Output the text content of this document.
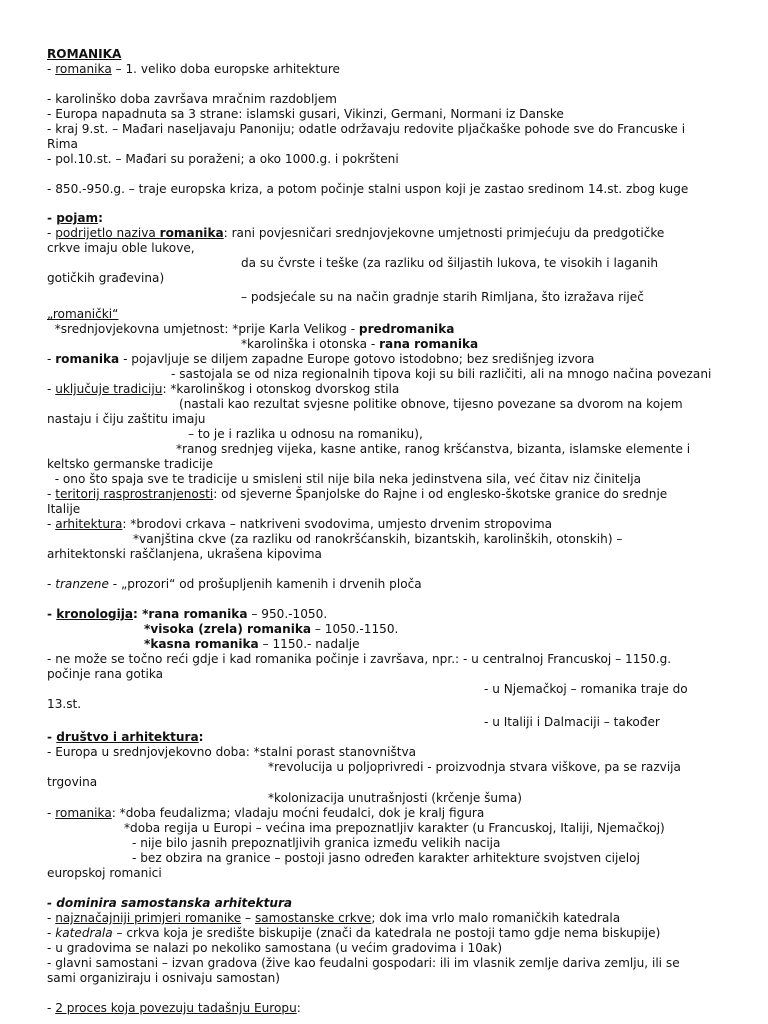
ROMANIKA
- romanika – 1. veliko doba europske arhitekture
- karolinško doba završava mračnim razdobljem
- Europa napadnuta sa 3 strane: islamski gusari, Vikinzi, Germani, Normani iz Danske
- kraj 9.st. – Mađari naseljavaju Panoniju; odatle održavaju redovite pljačkaške pohode sve do Francuske i
Rima
- pol.10.st. – Mađari su poraženi; a oko 1000.g. i pokršteni
- 850.-950.g. – traje europska kriza, a potom počinje stalni uspon koji je zastao sredinom 14.st. zbog kuge
- pojam:
- podrijetlo naziva romanika: rani povjesničari srednjovjekovne umjetnosti primjećuju da predgotičke
crkve imaju oble lukove,
da su čvrste i teške (za razliku od šiljastih lukova, te visokih i laganih
gotičkih građevina)
– podsjećale su na način gradnje starih Rimljana, što izražava riječ
„romanički“
*srednjovjekovna umjetnost: *prije Karla Velikog - predromanika
*karolinška i otonska - rana romanika
- romanika - pojavljuje se diljem zapadne Europe gotovo istodobno; bez središnjeg izvora
- sastojala se od niza regionalnih tipova koji su bili različiti, ali na mnogo načina povezani
- uključuje tradiciju: *karolinškog i otonskog dvorskog stila
(nastali kao rezultat svjesne politike obnove, tijesno povezane sa dvorom na kojem
nastaju i čiju zaštitu imaju
– to je i razlika u odnosu na romaniku),
*ranog srednjeg vijeka, kasne antike, ranog kršćanstva, bizanta, islamske elemente i
keltsko germanske tradicije
- ono što spaja sve te tradicije u smisleni stil nije bila neka jedinstvena sila, već čitav niz činitelja
- teritorij rasprostranjenosti: od sjeverne Španjolske do Rajne i od englesko-škotske granice do srednje
Italije
- arhitektura: *brodovi crkava – natkriveni svodovima, umjesto drvenim stropovima
*vanjština ckve (za razliku od ranokršćanskih, bizantskih, karolinških, otonskih) –
arhitektonski raščlanjena, ukrašena kipovima
- tranzene - „prozori“ od prošupljenih kamenih i drvenih ploča
- kronologija: *rana romanika – 950.-1050.
*visoka (zrela) romanika – 1050.-1150.
*kasna romanika – 1150.- nadalje
- ne može se točno reći gdje i kad romanika počinje i završava, npr.: - u centralnoj Francuskoj – 1150.g.
počinje rana gotika
- u Njemačkoj – romanika traje do
13.st.
- u Italiji i Dalmaciji – također
- društvo i arhitektura:
- Europa u srednjovjekovno doba: *stalni porast stanovništva
*revolucija u poljoprivredi - proizvodnja stvara viškove, pa se razvija
trgovina
*kolonizacija unutrašnjosti (krčenje šuma)
- romanika: *doba feudalizma; vladaju moćni feudalci, dok je kralj figura
*doba regija u Europi – većina ima prepoznatljiv karakter (u Francuskoj, Italiji, Njemačkoj)
- nije bilo jasnih prepoznatljivih granica između velikih nacija
- bez obzira na granice – postoji jasno određen karakter arhitekture svojstven cijeloj
europskoj romanici
- dominira samostanska arhitektura
- najznačajniji primjeri romanike – samostanske crkve; dok ima vrlo malo romaničkih katedrala
- katedrala – crkva koja je središte biskupije (znači da katedrala ne postoji tamo gdje nema biskupije)
- u gradovima se nalazi po nekoliko samostana (u većim gradovima i 10ak)
- glavni samostani – izvan gradova (žive kao feudalni gospodari: ili im vlasnik zemlje dariva zemlju, ili se
sami organiziraju i osnivaju samostan)
- 2 proces koja povezuju tadašnju Europu:
